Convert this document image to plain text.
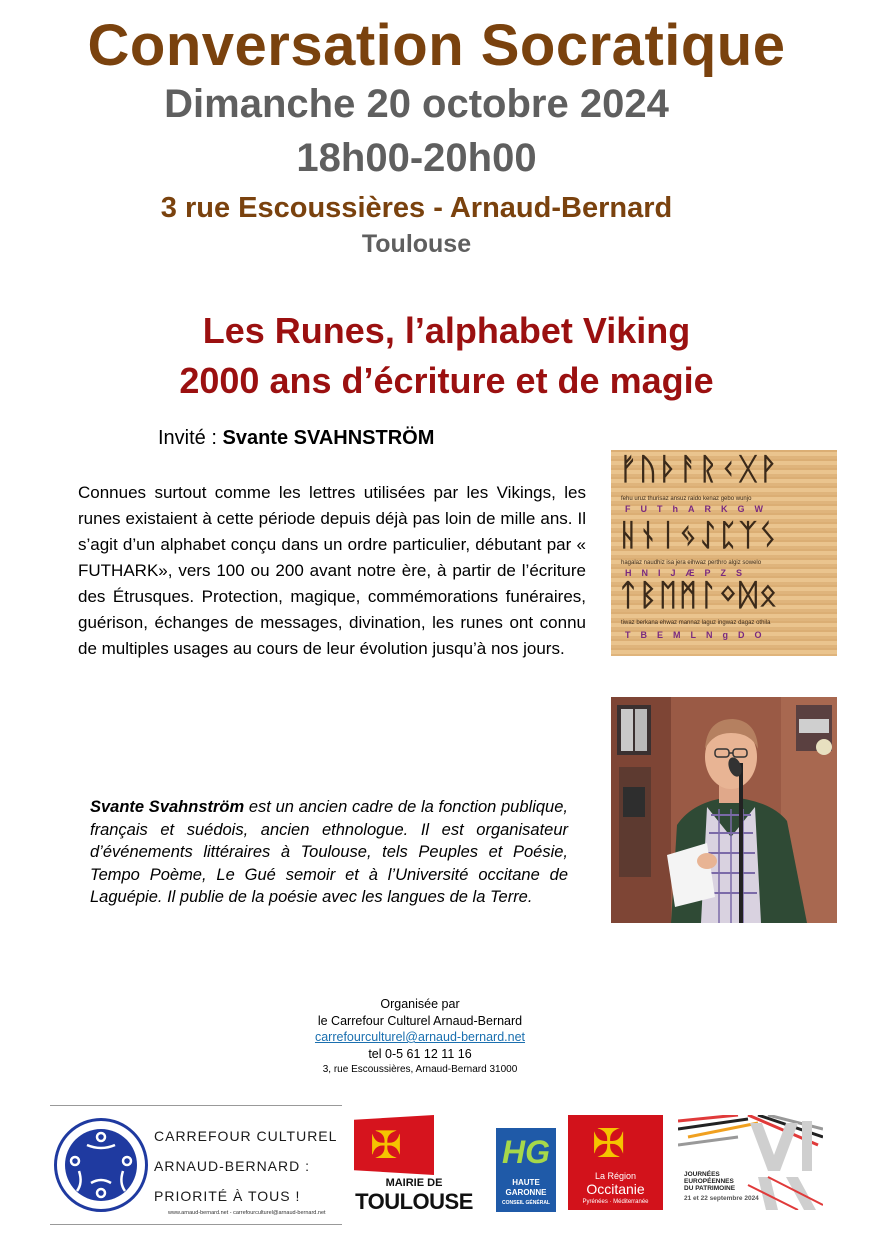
Conversation Socratique
Dimanche 20 octobre 2024
18h00-20h00
3 rue Escoussières - Arnaud-Bernard
Toulouse
Les Runes, l’alphabet Viking
2000 ans d’écriture et de magie
Invité : Svante SVAHNSTRÖM
Connues surtout comme les lettres utilisées par les Vikings, les runes existaient à cette période depuis déjà pas loin de mille ans. Il s’agit d’un alphabet conçu dans un ordre particulier, débutant par « FUTHARK», vers 100 ou 200 avant notre ère, à partir de l’écriture des Étrusques. Protection, magique, commémorations funéraires, guérison, échanges de messages, divination, les runes ont connu de multiples usages au cours de leur évolution jusqu’à nos jours.
ᚠᚢᚦᚨᚱᚲᚷᚹ
fehu uruz thurisaz ansuz raido kenaz gebo wunjo
FUThARKGW
ᚺᚾᛁᛃᛇᛈᛉᛊ
hagalaz naudhiz isa jera eihwaz perthro algiz sowelo
HNIJÆPZS
ᛏᛒᛖᛗᛚᛜᛞᛟ
tiwaz berkana ehwaz mannaz laguz ingwaz dagaz othila
TBEMLNgDO
Svante Svahnström est un ancien cadre de la fonction publique, français et suédois, ancien ethnologue. Il est organisateur d’événements littéraires à Toulouse, tels Peuples et Poésie, Tempo Poème, Le Gué semoir et à l’Université occitane de Laguépie. Il publie de la poésie avec les langues de la Terre.
Organisée par
le Carrefour Culturel Arnaud-Bernard
carrefourculturel@arnaud-bernard.net
tel 0-5 61 12 11 16
3, rue Escoussières, Arnaud-Bernard 31000
CARREFOUR CULTUREL
ARNAUD-BERNARD :
PRIORITÉ À TOUS !
www.arnaud-bernard.net - carrefourculturel@arnaud-bernard.net
✠
MAIRIE DE
TOULOUSE
HG
HAUTE
GARONNE
CONSEIL GÉNÉRAL
✠
La Région
Occitanie
Pyrénées · Méditerranée
JOURNÉES
EUROPÉENNES
DU PATRIMOINE
21 et 22 septembre 2024
